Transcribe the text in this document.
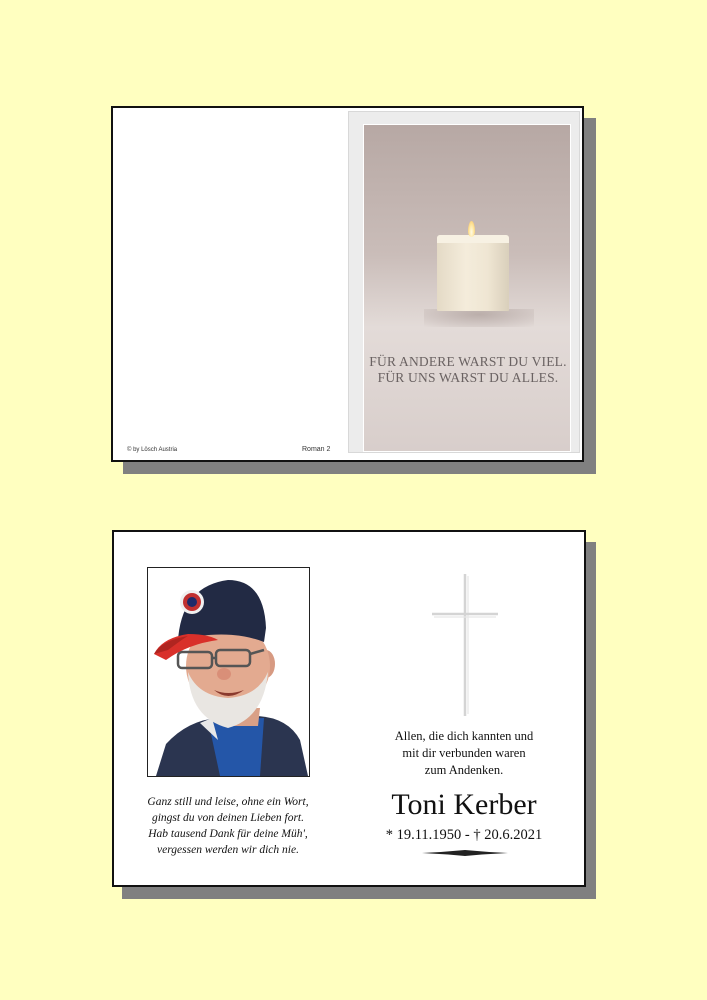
© by Lösch Austria	Roman 2
FÜR ANDERE WARST DU VIEL.
FÜR UNS WARST DU ALLES.
Ganz still und leise, ohne ein Wort,
gingst du von deinen Lieben fort.
Hab tausend Dank für deine Müh',
vergessen werden wir dich nie.
Allen, die dich kannten und
mit dir verbunden waren
zum Andenken.
Toni Kerber
* 19.11.1950 - † 20.6.2021
